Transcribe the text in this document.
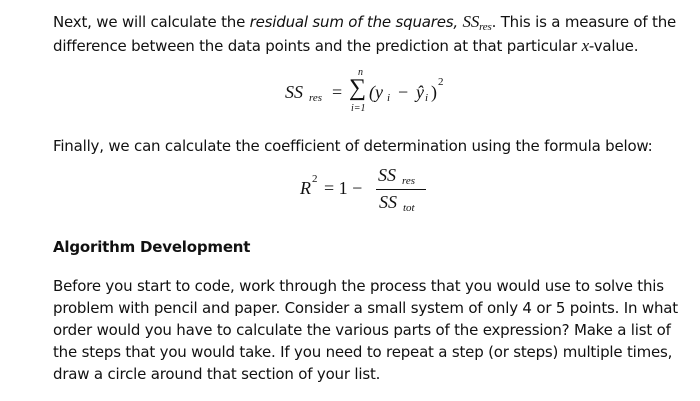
Next, we will calculate the residual sum of the squares, $SS_{res}$. This is a measure of the difference between the data points and the prediction at that particular x-value.
SS res =
n
∑
i=1
(y i − ŷ i ) 2
Finally, we can calculate the coefficient of determination using the formula below:
R 2 = 1 −
SS res
SS tot
Algorithm Development
Before you start to code, work through the process that you would use to solve this problem with pencil and paper. Consider a small system of only 4 or 5 points. In what order would you have to calculate the various parts of the expression? Make a list of the steps that you would take. If you need to repeat a step (or steps) multiple times, draw a circle around that section of your list.
